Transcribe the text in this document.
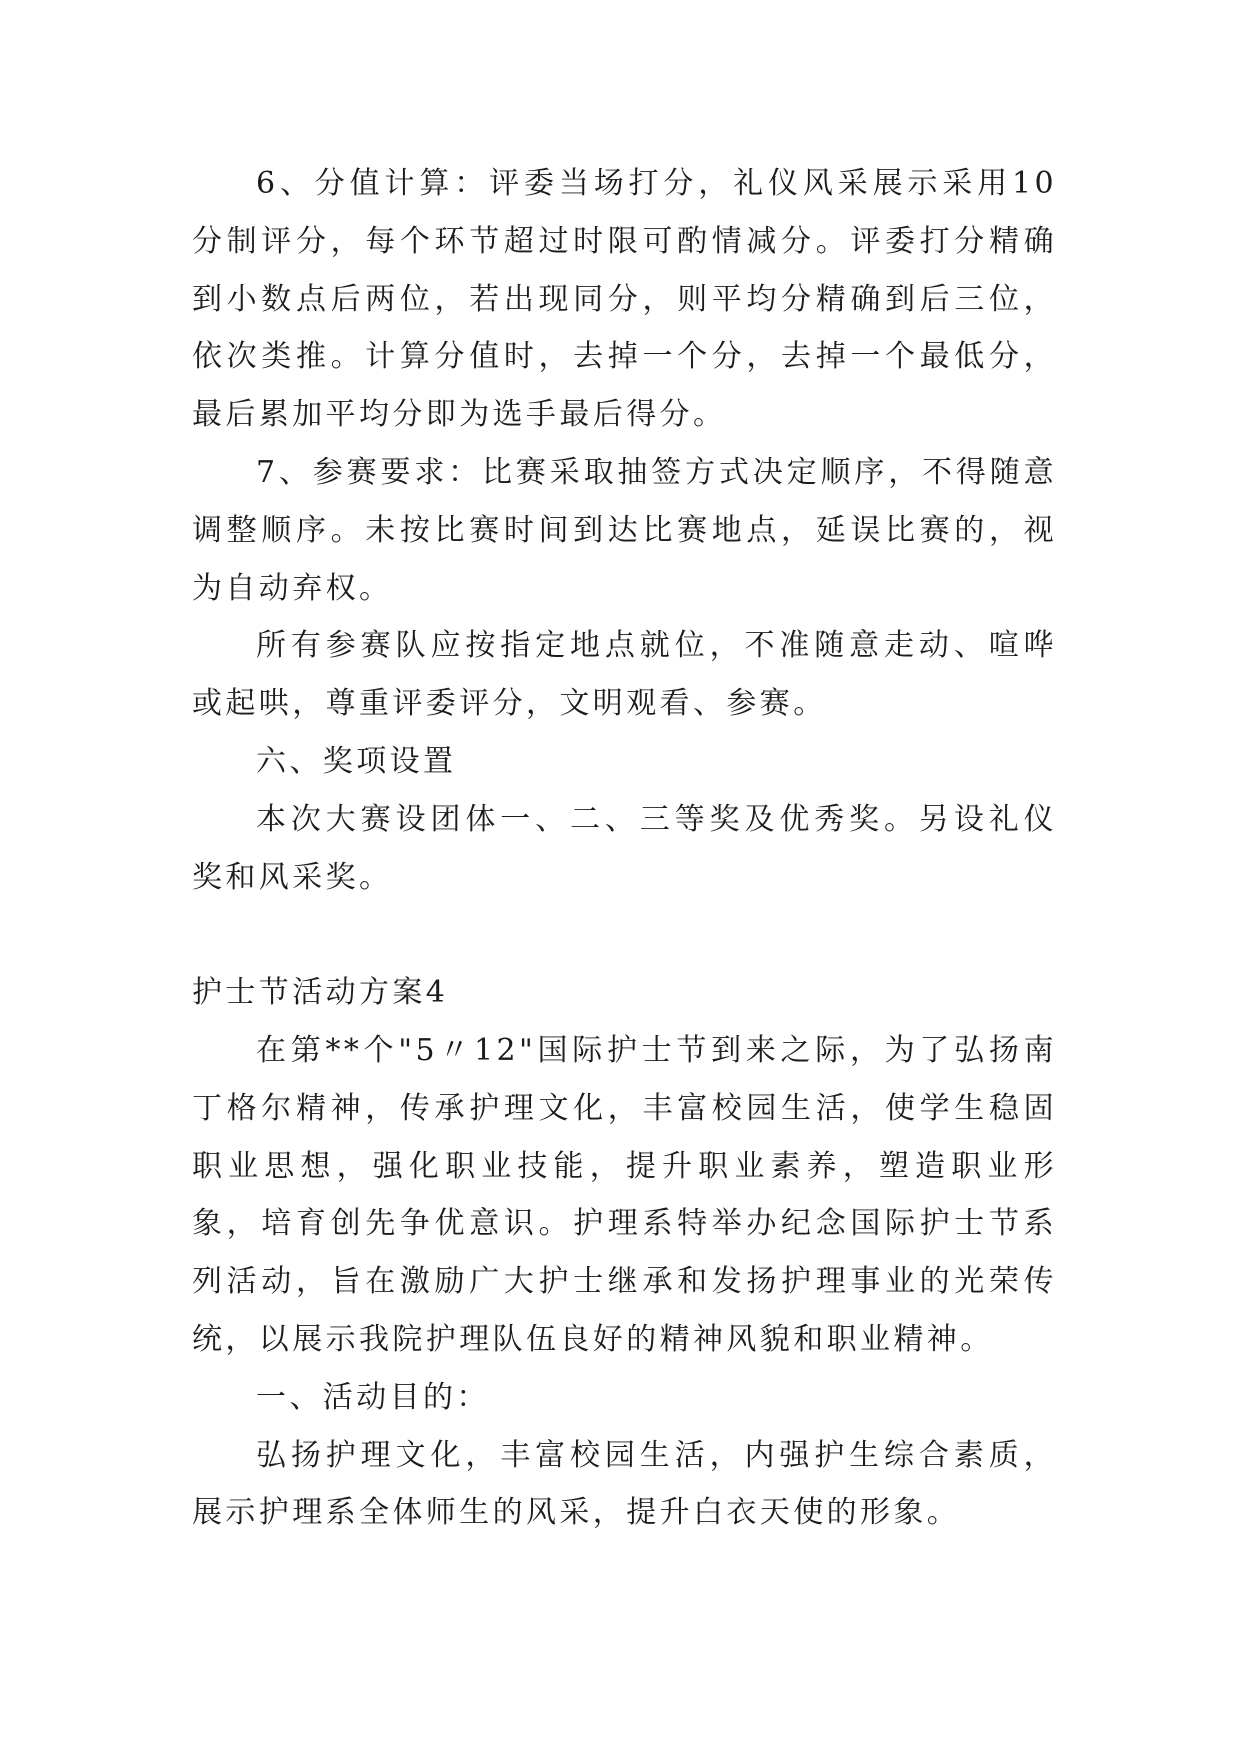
6、分值计算：评委当场打分，礼仪风采展示采用10分制评分，每个环节超过时限可酌情减分。评委打分精确到小数点后两位，若出现同分，则平均分精确到后三位，依次类推。计算分值时，去掉一个分，去掉一个最低分，最后累加平均分即为选手最后得分。

7、参赛要求：比赛采取抽签方式决定顺序，不得随意调整顺序。未按比赛时间到达比赛地点，延误比赛的，视为自动弃权。

所有参赛队应按指定地点就位，不准随意走动、喧哗或起哄，尊重评委评分，文明观看、参赛。

六、奖项设置

本次大赛设团体一、二、三等奖及优秀奖。另设礼仪奖和风采奖。

护士节活动方案4

在第**个"5〃12"国际护士节到来之际，为了弘扬南丁格尔精神，传承护理文化，丰富校园生活，使学生稳固职业思想，强化职业技能，提升职业素养，塑造职业形象，培育创先争优意识。护理系特举办纪念国际护士节系列活动，旨在激励广大护士继承和发扬护理事业的光荣传统，以展示我院护理队伍良好的精神风貌和职业精神。

一、活动目的：

弘扬护理文化，丰富校园生活，内强护生综合素质，展示护理系全体师生的风采，提升白衣天使的形象。
